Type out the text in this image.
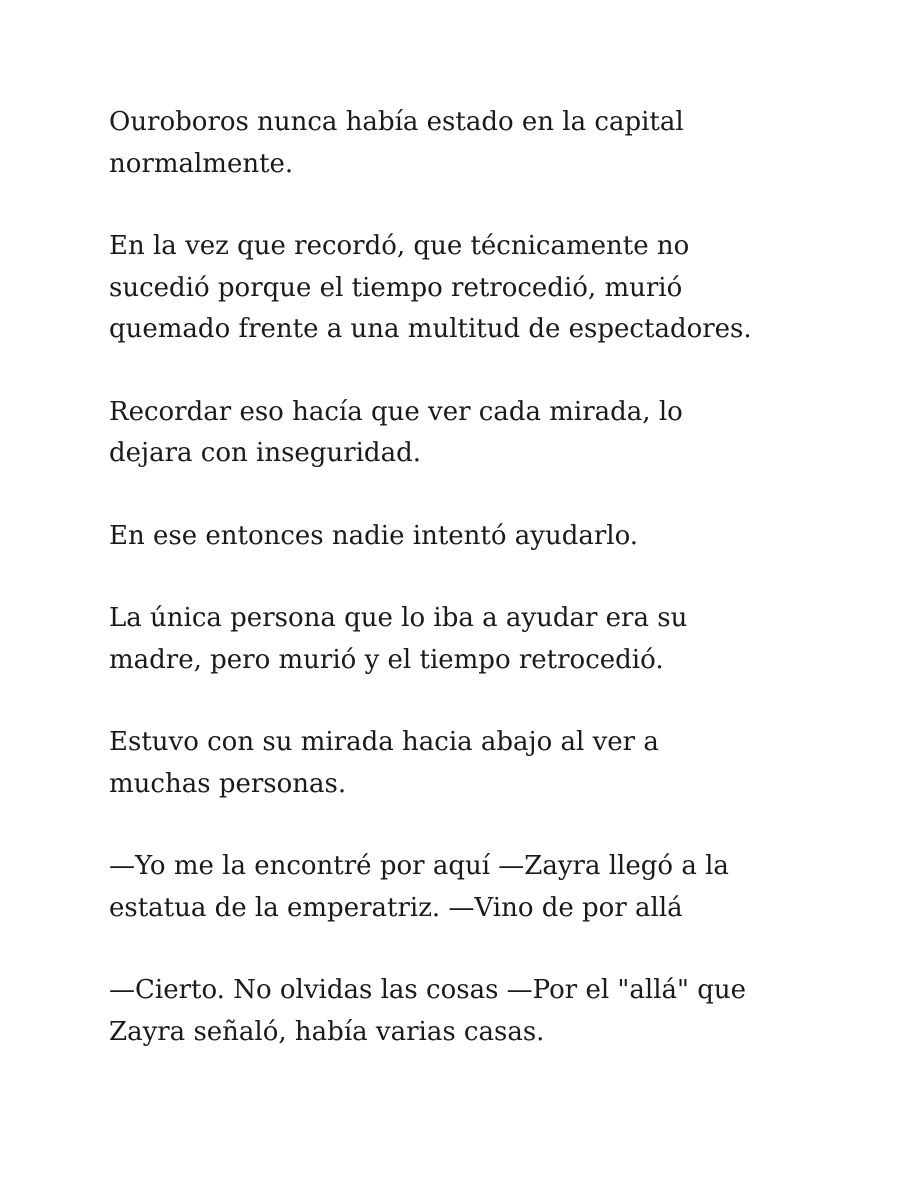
Ouroboros nunca había estado en la capital
normalmente.

En la vez que recordó, que técnicamente no
sucedió porque el tiempo retrocedió, murió
quemado frente a una multitud de espectadores.

Recordar eso hacía que ver cada mirada, lo
dejara con inseguridad.

En ese entonces nadie intentó ayudarlo.

La única persona que lo iba a ayudar era su
madre, pero murió y el tiempo retrocedió.

Estuvo con su mirada hacia abajo al ver a
muchas personas.

—Yo me la encontré por aquí —Zayra llegó a la
estatua de la emperatriz. —Vino de por allá

—Cierto. No olvidas las cosas —Por el "allá" que
Zayra señaló, había varias casas.
